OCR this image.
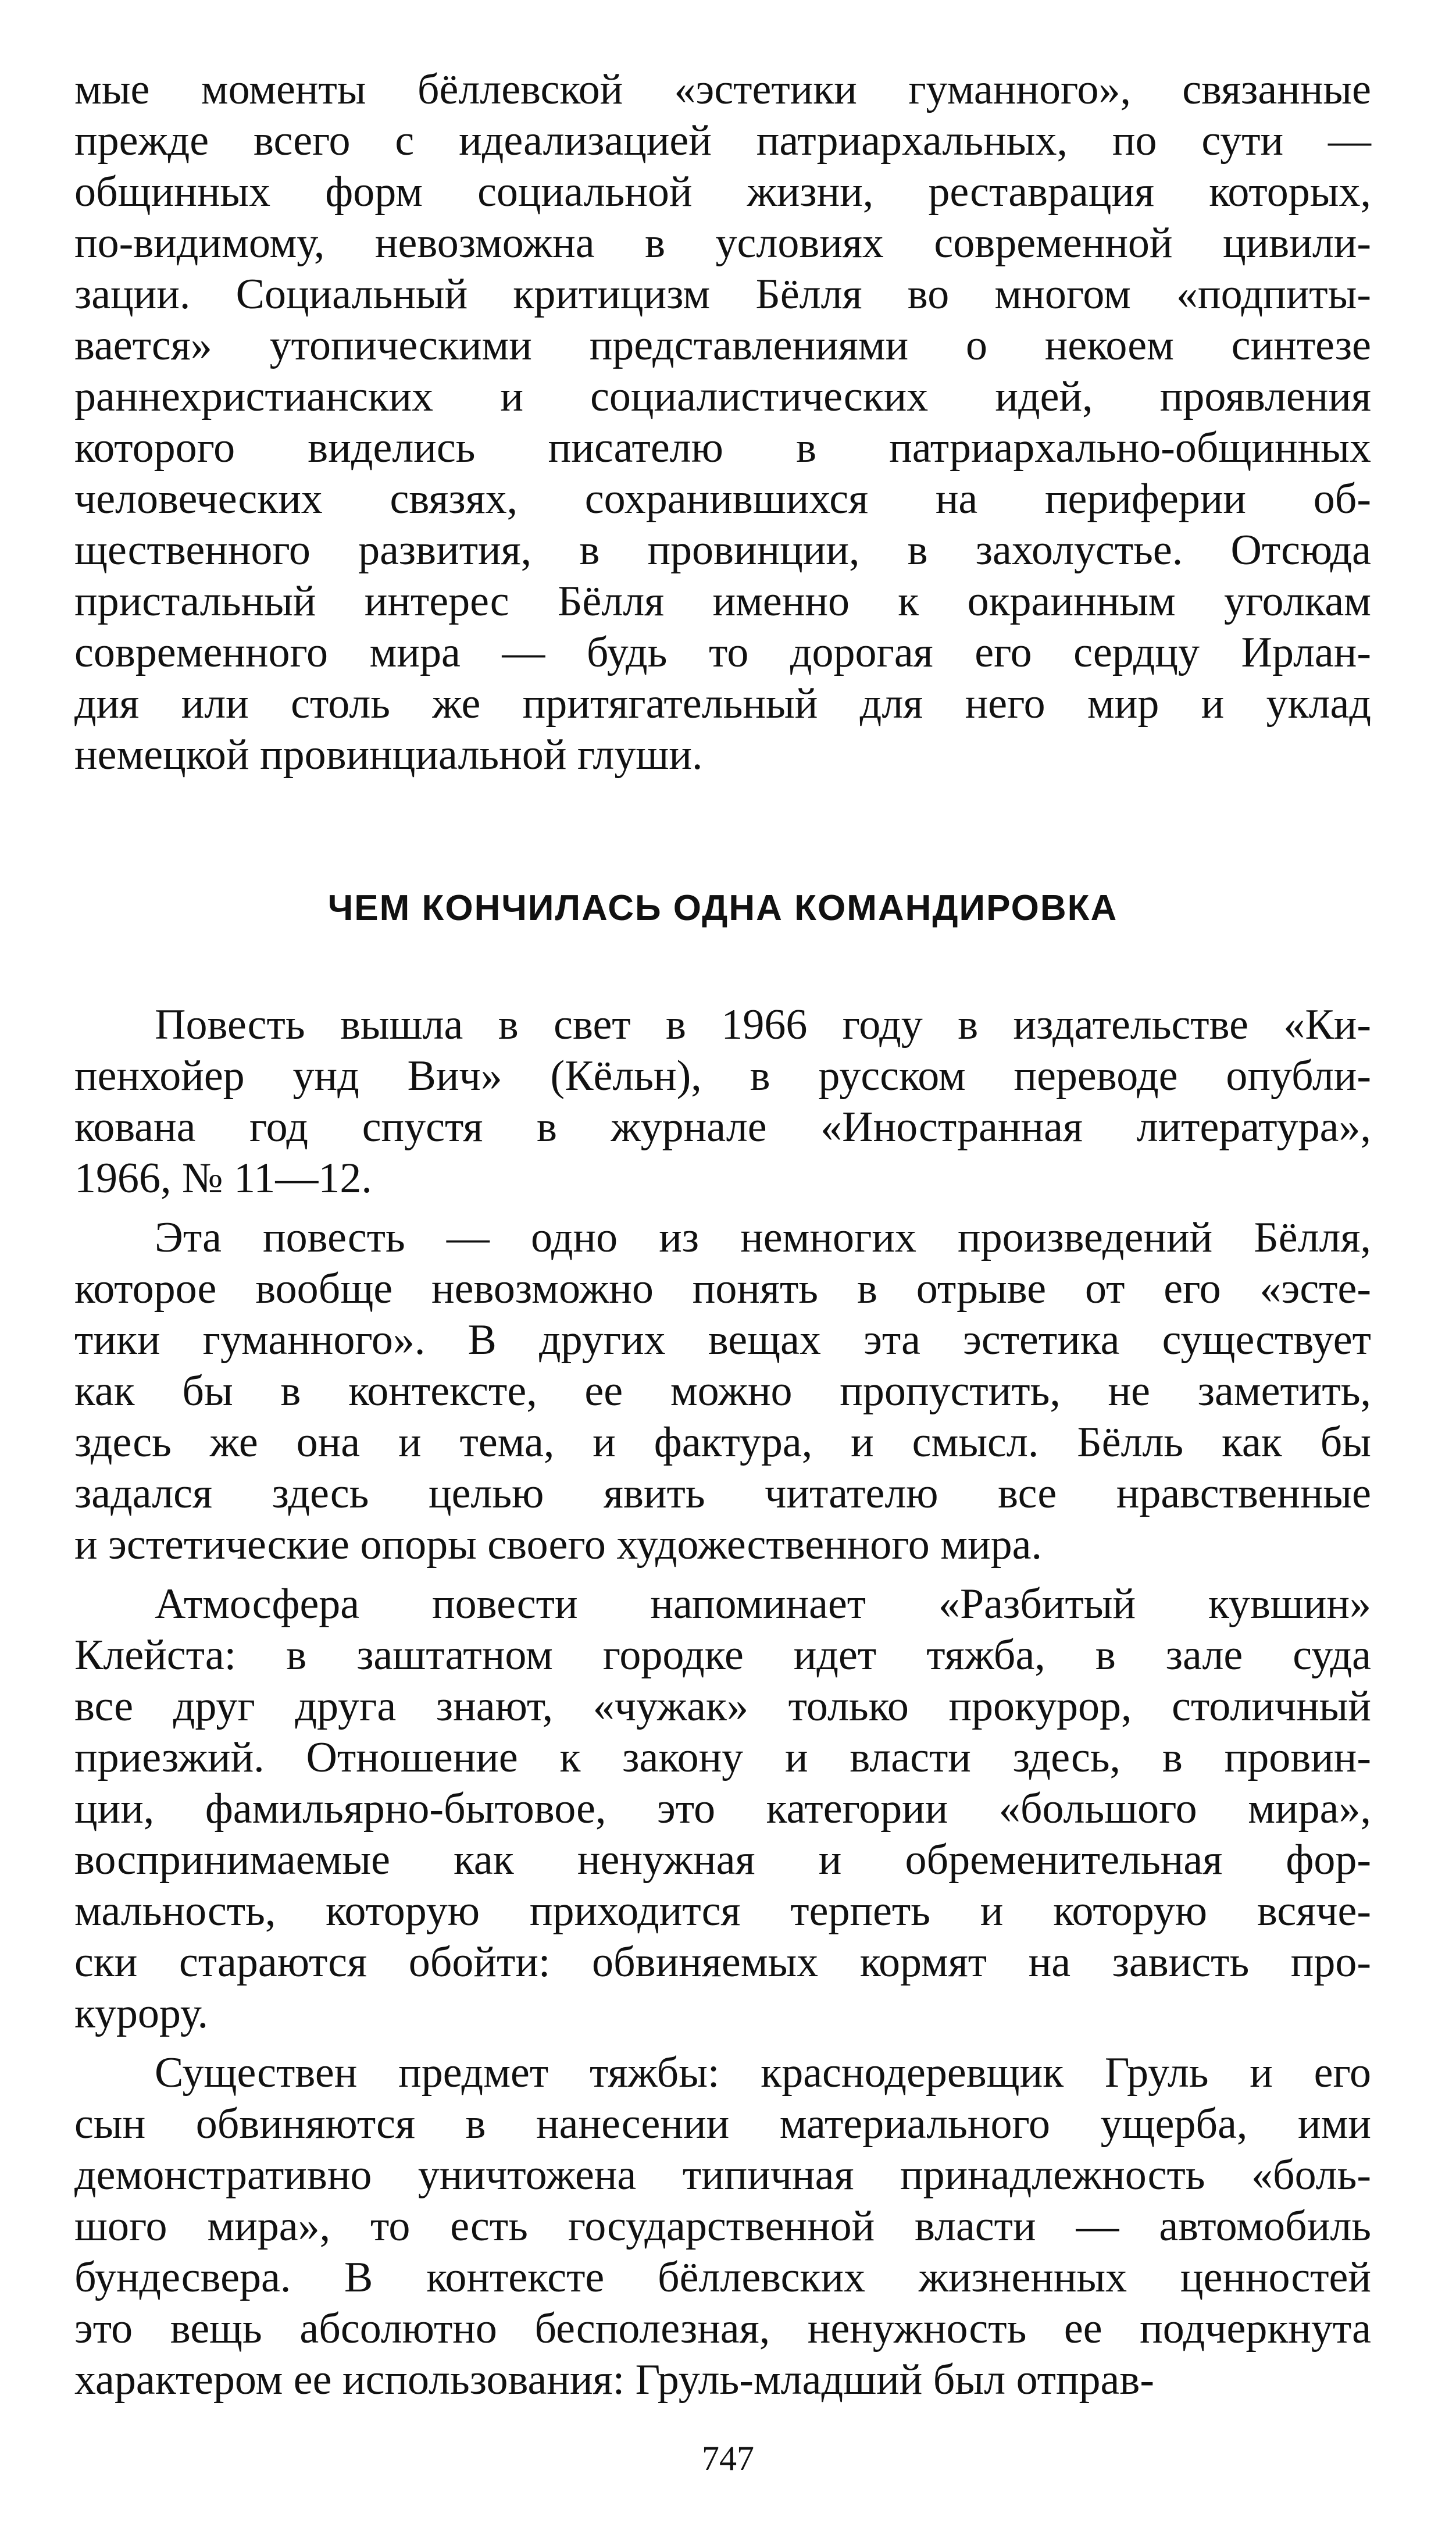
мые моменты бёллевской «эстетики гуманного», связанные
прежде всего с идеализацией патриархальных, по сути —
общинных форм социальной жизни, реставрация которых,
по-видимому, невозможна в условиях современной цивили-
зации. Социальный критицизм Бёлля во многом «подпиты-
вается» утопическими представлениями о некоем синтезе
раннехристианских и социалистических идей, проявления
которого виделись писателю в патриархально-общинных
человеческих связях, сохранившихся на периферии об-
щественного развития, в провинции, в захолустье. Отсюда
пристальный интерес Бёлля именно к окраинным уголкам
современного мира — будь то дорогая его сердцу Ирлан-
дия или столь же притягательный для него мир и уклад
немецкой провинциальной глуши.
ЧЕМ КОНЧИЛАСЬ ОДНА КОМАНДИРОВКА
Повесть вышла в свет в 1966 году в издательстве «Ки-
пенхойер унд Вич» (Кёльн), в русском переводе опубли-
кована год спустя в журнале «Иностранная литература»,
1966, № 11—12.
Эта повесть — одно из немногих произведений Бёлля,
которое вообще невозможно понять в отрыве от его «эсте-
тики гуманного». В других вещах эта эстетика существует
как бы в контексте, ее можно пропустить, не заметить,
здесь же она и тема, и фактура, и смысл. Бёлль как бы
задался здесь целью явить читателю все нравственные
и эстетические опоры своего художественного мира.
Атмосфера повести напоминает «Разбитый кувшин»
Клейста: в заштатном городке идет тяжба, в зале суда
все друг друга знают, «чужак» только прокурор, столичный
приезжий. Отношение к закону и власти здесь, в провин-
ции, фамильярно-бытовое, это категории «большого мира»,
воспринимаемые как ненужная и обременительная фор-
мальность, которую приходится терпеть и которую всяче-
ски стараются обойти: обвиняемых кормят на зависть про-
курору.
Существен предмет тяжбы: краснодеревщик Груль и его
сын обвиняются в нанесении материального ущерба, ими
демонстративно уничтожена типичная принадлежность «боль-
шого мира», то есть государственной власти — автомобиль
бундесвера. В контексте бёллевских жизненных ценностей
это вещь абсолютно бесполезная, ненужность ее подчеркнута
характером ее использования: Груль-младший был отправ-
747
